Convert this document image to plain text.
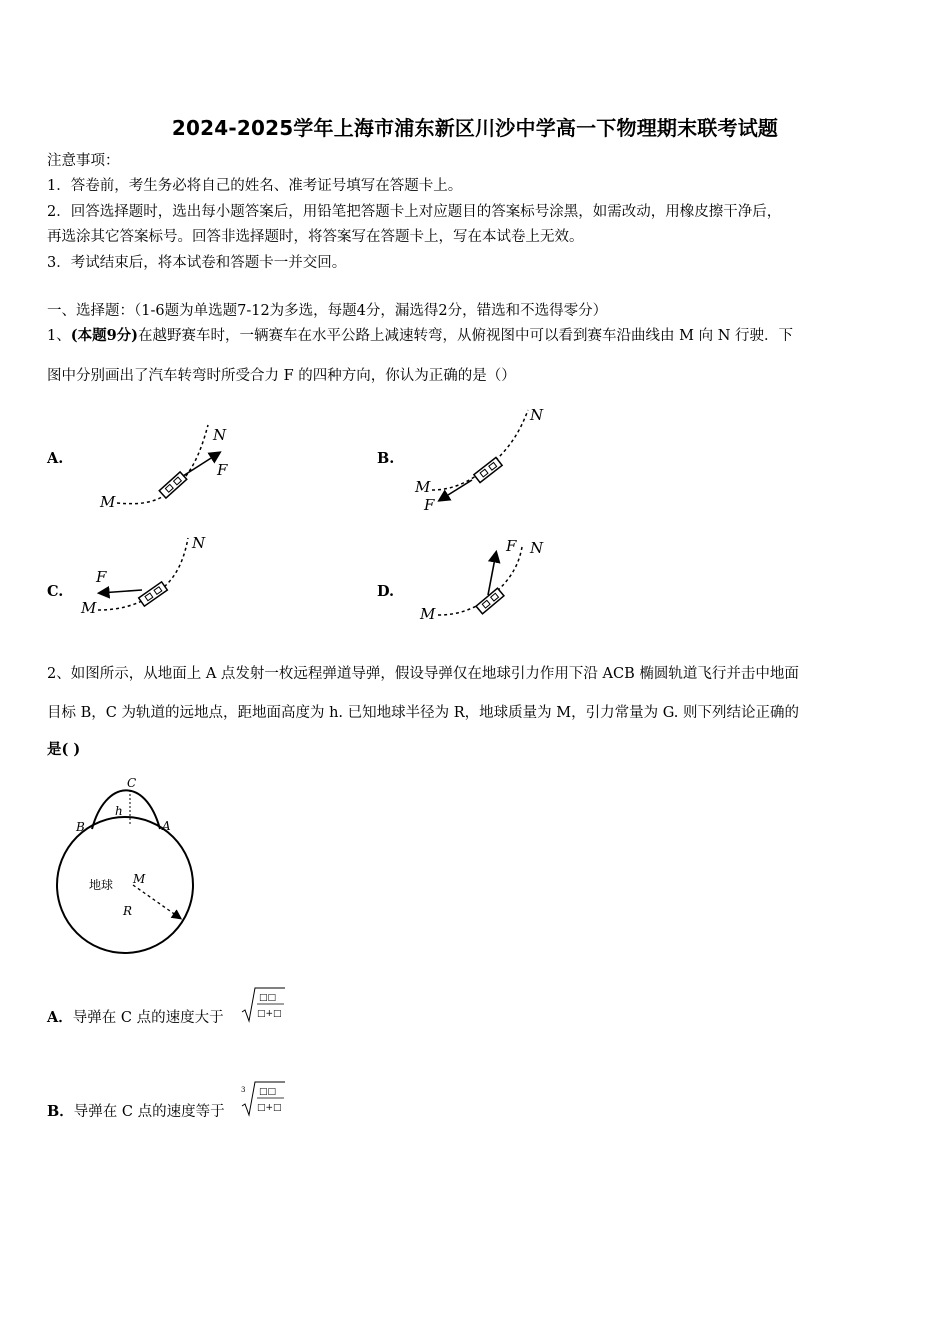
2024-2025学年上海市浦东新区川沙中学高一下物理期末联考试题
注意事项：
1．答卷前，考生务必将自己的姓名、准考证号填写在答题卡上。
2．回答选择题时，选出每小题答案后，用铅笔把答题卡上对应题目的答案标号涂黑，如需改动，用橡皮擦干净后，
再选涂其它答案标号。回答非选择题时，将答案写在答题卡上，写在本试卷上无效。
3．考试结束后，将本试卷和答题卡一并交回。
一、选择题：（1-6题为单选题7-12为多选，每题4分，漏选得2分，错选和不选得零分）
1、(本题9分)在越野赛车时，一辆赛车在水平公路上减速转弯，从俯视图中可以看到赛车沿曲线由 M 向 N 行驶．下
图中分别画出了汽车转弯时所受合力 F 的四种方向，你认为正确的是（）
A.	B.
C.	D.
M
N
F
M
N
F
M
N
F
M
N
F
2、如图所示，从地面上 A 点发射一枚远程弹道导弹，假设导弹仅在地球引力作用下沿 ACB 椭圆轨道飞行并击中地面
目标 B，C 为轨道的远地点，距地面高度为 h. 已知地球半径为 R，地球质量为 M，引力常量为 G. 则下列结论正确的
是( )
C
h
B	A
地球 M
R
A．导弹在 C 点的速度大于
□□
□+□
B．导弹在 C 点的速度等于
3 □□
□+□
